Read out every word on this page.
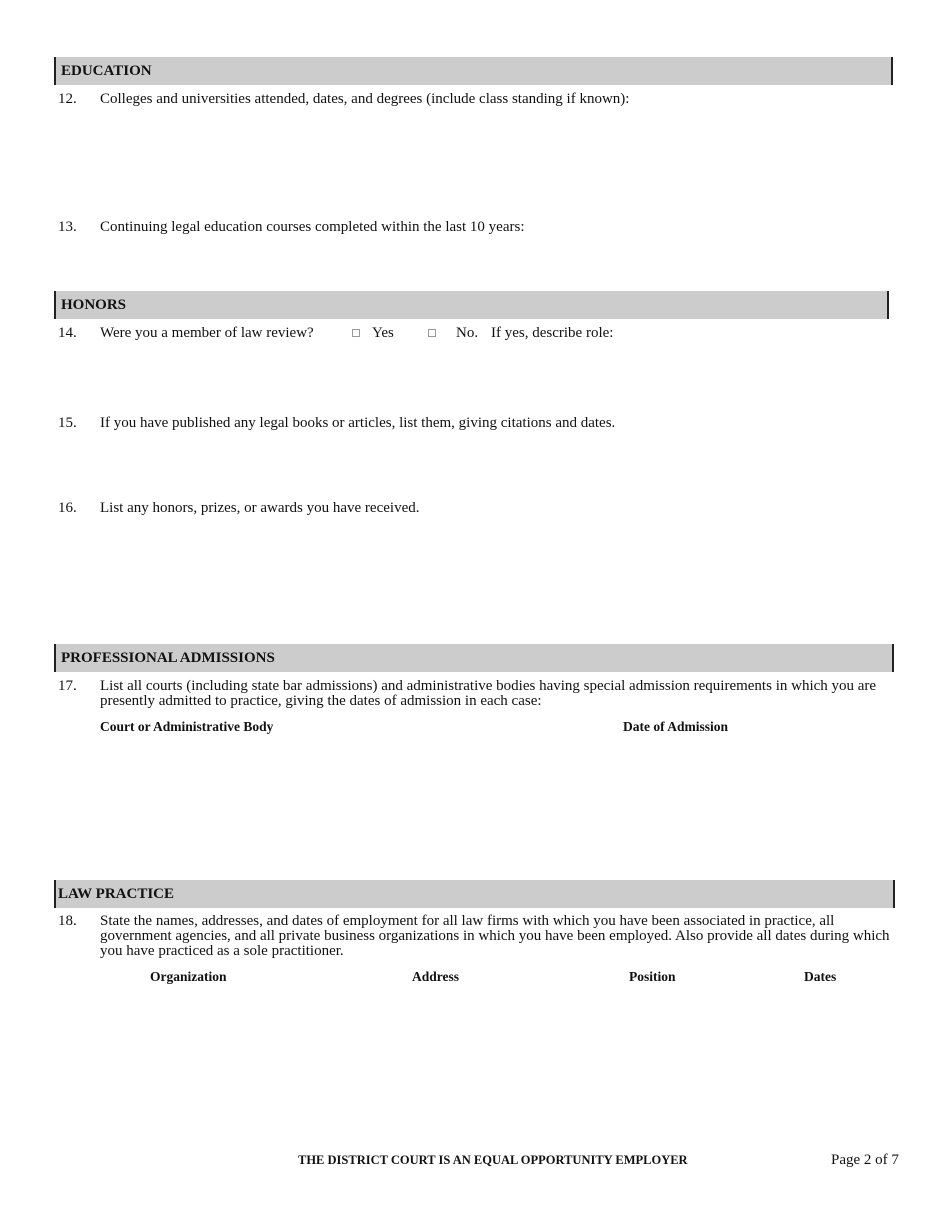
EDUCATION
12. Colleges and universities attended, dates, and degrees (include class standing if known):
13. Continuing legal education courses completed within the last 10 years:
HONORS
14. Were you a member of law review?	Yes	No. If yes, describe role:
15. If you have published any legal books or articles, list them, giving citations and dates.
16. List any honors, prizes, or awards you have received.
PROFESSIONAL ADMISSIONS
17. List all courts (including state bar admissions) and administrative bodies having special admission requirements in which you are presently admitted to practice, giving the dates of admission in each case:
Court or Administrative Body	Date of Admission
LAW PRACTICE
18. State the names, addresses, and dates of employment for all law firms with which you have been associated in practice, all government agencies, and all private business organizations in which you have been employed. Also provide all dates during which you have practiced as a sole practitioner.
Organization	Address	Position	Dates
THE DISTRICT COURT IS AN EQUAL OPPORTUNITY EMPLOYER	Page 2 of 7
